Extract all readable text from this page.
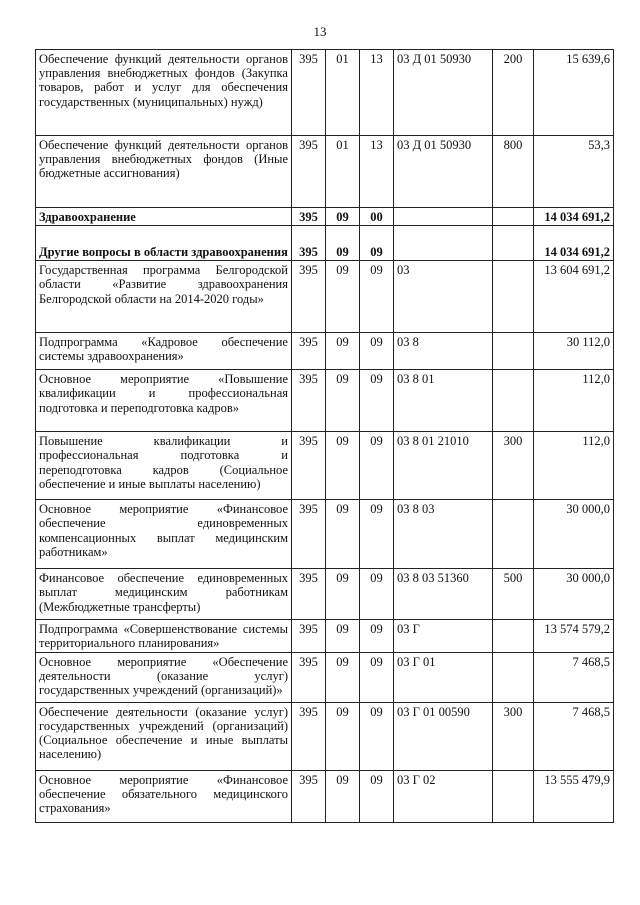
13
Обеспечение функций деятельности органов управления внебюджетных фондов (Закупка товаров, работ и услуг для обеспечения государственных (муниципальных) нужд)	395	01	13	03 Д 01 50930	200	15 639,6
Обеспечение функций деятельности органов управления внебюджетных фондов (Иные бюджетные ассигнования)	395	01	13	03 Д 01 50930	800	53,3
Здравоохранение	395	09	00			14 034 691,2
Другие вопросы в области здравоохранения	395	09	09			14 034 691,2
Государственная программа Белгородской области «Развитие здравоохранения Белгородской области на 2014-2020 годы»	395	09	09	03		13 604 691,2
Подпрограмма «Кадровое обеспечение системы здравоохранения»	395	09	09	03 8		30 112,0
Основное мероприятие «Повышение квалификации и профессиональная подготовка и переподготовка кадров»	395	09	09	03 8 01		112,0
Повышение квалификации и профессиональная подготовка и переподготовка кадров (Социальное обеспечение и иные выплаты населению)	395	09	09	03 8 01 21010	300	112,0
Основное мероприятие «Финансовое обеспечение единовременных компенсационных выплат медицинским работникам»	395	09	09	03 8 03		30 000,0
Финансовое обеспечение единовременных выплат медицинским работникам (Межбюджетные трансферты)	395	09	09	03 8 03 51360	500	30 000,0
Подпрограмма «Совершенствование системы территориального планирования»	395	09	09	03 Г		13 574 579,2
Основное мероприятие «Обеспечение деятельности (оказание услуг) государственных учреждений (организаций)»	395	09	09	03 Г 01		7 468,5
Обеспечение деятельности (оказание услуг) государственных учреждений (организаций) (Социальное обеспечение и иные выплаты населению)	395	09	09	03 Г 01 00590	300	7 468,5
Основное мероприятие «Финансовое обеспечение обязательного медицинского страхования»	395	09	09	03 Г 02		13 555 479,9
